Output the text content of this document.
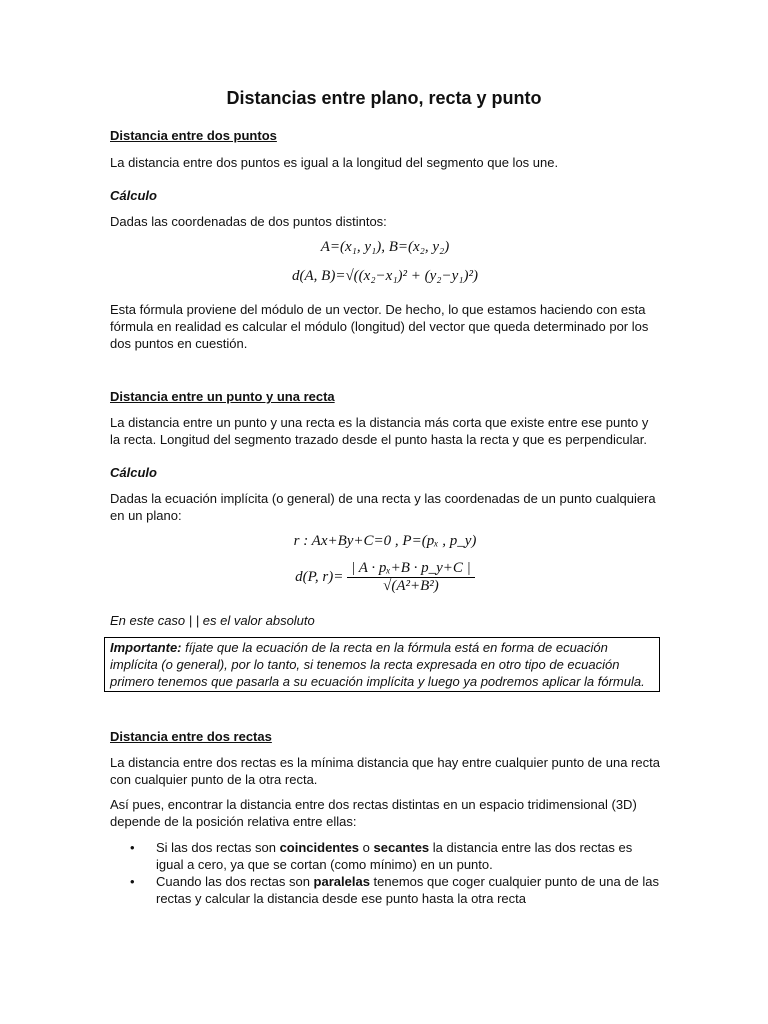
Distancias entre plano, recta y punto
Distancia entre dos puntos
La distancia entre dos puntos es igual a la longitud del segmento que los une.
Cálculo
Dadas las coordenadas de dos puntos distintos:
A=(x₁, y₁), B=(x₂, y₂)
d(A, B)=√((x₂−x₁)² + (y₂−y₁)²)
Esta fórmula proviene del módulo de un vector. De hecho, lo que estamos haciendo con esta fórmula en realidad es calcular el módulo (longitud) del vector que queda determinado por los dos puntos en cuestión.
Distancia entre un punto y una recta
La distancia entre un punto y una recta es la distancia más corta que existe entre ese punto y la recta. Longitud del segmento trazado desde el punto hasta la recta y que es perpendicular.
Cálculo
Dadas la ecuación implícita (o general) de una recta y las coordenadas de un punto cualquiera en un plano:
r : Ax+By+C=0 , P=(pₓ , p_y)
d(P, $r)= \frac{\text{| A · pₓ+B · p\_y+C |}}{\text{√(A²+B²)}}$
En este caso | | es el valor absoluto
Distancia entre dos rectas
La distancia entre dos rectas es la mínima distancia que hay entre cualquier punto de una recta con cualquier punto de la otra recta.
Así pues, encontrar la distancia entre dos rectas distintas en un espacio tridimensional (3D) depende de la posición relativa entre ellas:
• Si las dos rectas son coincidentes o secantes la distancia entre las dos rectas es igual a cero, ya que se cortan (como mínimo) en un punto.
• Cuando las dos rectas son paralelas tenemos que coger cualquier punto de una de las rectas y calcular la distancia desde ese punto hasta la otra recta
Importante: fíjate que la ecuación de la recta en la fórmula está en forma de ecuación implícita (o general), por lo tanto, si tenemos la recta expresada en otro tipo de ecuación primero tenemos que pasarla a su ecuación implícita y luego ya podremos aplicar la fórmula.
